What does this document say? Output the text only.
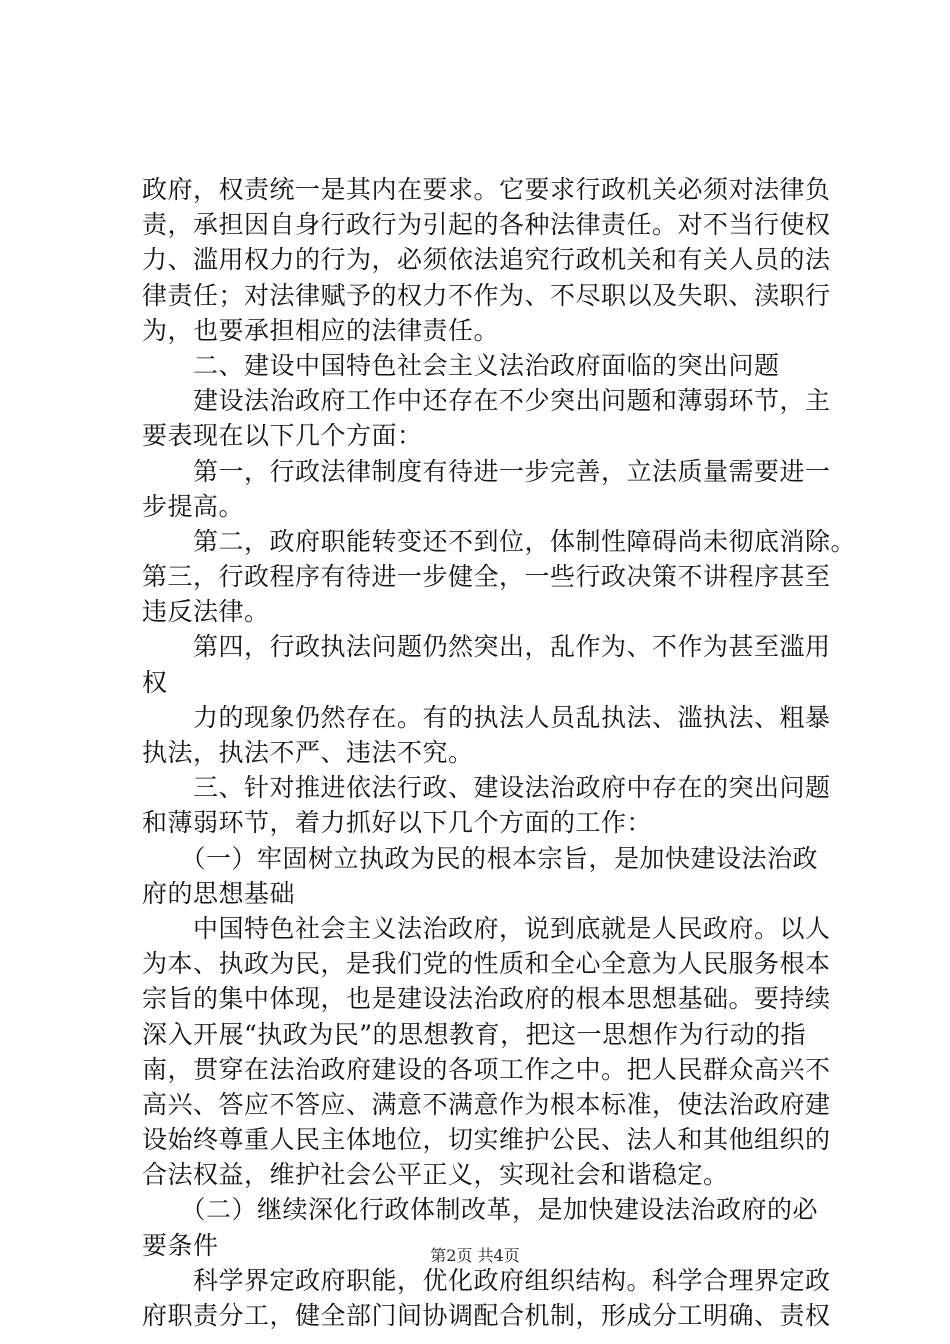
政府，权责统一是其内在要求。它要求行政机关必须对法律负
责，承担因自身行政行为引起的各种法律责任。对不当行使权
力、滥用权力的行为，必须依法追究行政机关和有关人员的法
律责任；对法律赋予的权力不作为、不尽职以及失职、渎职行
为，也要承担相应的法律责任。
　　二、建设中国特色社会主义法治政府面临的突出问题
　　建设法治政府工作中还存在不少突出问题和薄弱环节，主
要表现在以下几个方面：
　　第一，行政法律制度有待进一步完善，立法质量需要进一
步提高。
　　第二，政府职能转变还不到位，体制性障碍尚未彻底消除。
第三，行政程序有待进一步健全，一些行政决策不讲程序甚至
违反法律。
　　第四，行政执法问题仍然突出，乱作为、不作为甚至滥用
权
　　力的现象仍然存在。有的执法人员乱执法、滥执法、粗暴
执法，执法不严、违法不究。
　　三、针对推进依法行政、建设法治政府中存在的突出问题
和薄弱环节，着力抓好以下几个方面的工作：
　　（一）牢固树立执政为民的根本宗旨，是加快建设法治政
府的思想基础
　　中国特色社会主义法治政府，说到底就是人民政府。以人
为本、执政为民，是我们党的性质和全心全意为人民服务根本
宗旨的集中体现，也是建设法治政府的根本思想基础。要持续
深入开展“执政为民”的思想教育，把这一思想作为行动的指
南，贯穿在法治政府建设的各项工作之中。把人民群众高兴不
高兴、答应不答应、满意不满意作为根本标准，使法治政府建
设始终尊重人民主体地位，切实维护公民、法人和其他组织的
合法权益，维护社会公平正义，实现社会和谐稳定。
　　（二）继续深化行政体制改革，是加快建设法治政府的必
要条件
　　科学界定政府职能，优化政府组织结构。科学合理界定政
府职责分工，健全部门间协调配合机制，形成分工明确、责权
第2页 共4页
